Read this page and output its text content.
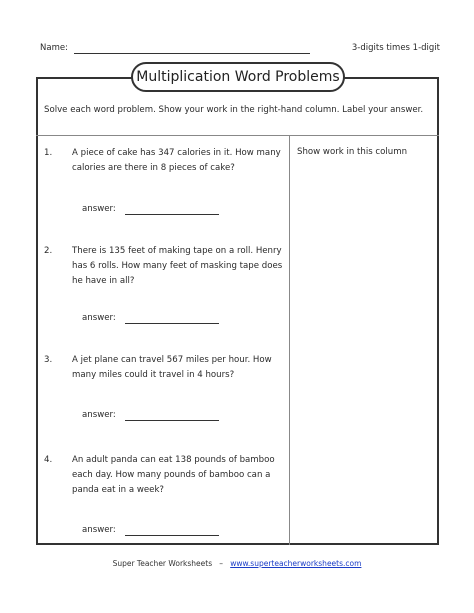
Name:	3-digits times 1-digit
Multiplication Word Problems
Solve each word problem. Show your work in the right-hand column. Label your answer.
Show work in this column
1. A piece of cake has 347 calories in it. How many calories are there in 8 pieces of cake?
answer:
2. There is 135 feet of making tape on a roll. Henry has 6 rolls. How many feet of masking tape does he have in all?
answer:
3. A jet plane can travel 567 miles per hour. How many miles could it travel in 4 hours?
answer:
4. An adult panda can eat 138 pounds of bamboo each day. How many pounds of bamboo can a panda eat in a week?
answer:
Super Teacher Worksheets – www.superteacherworksheets.com
